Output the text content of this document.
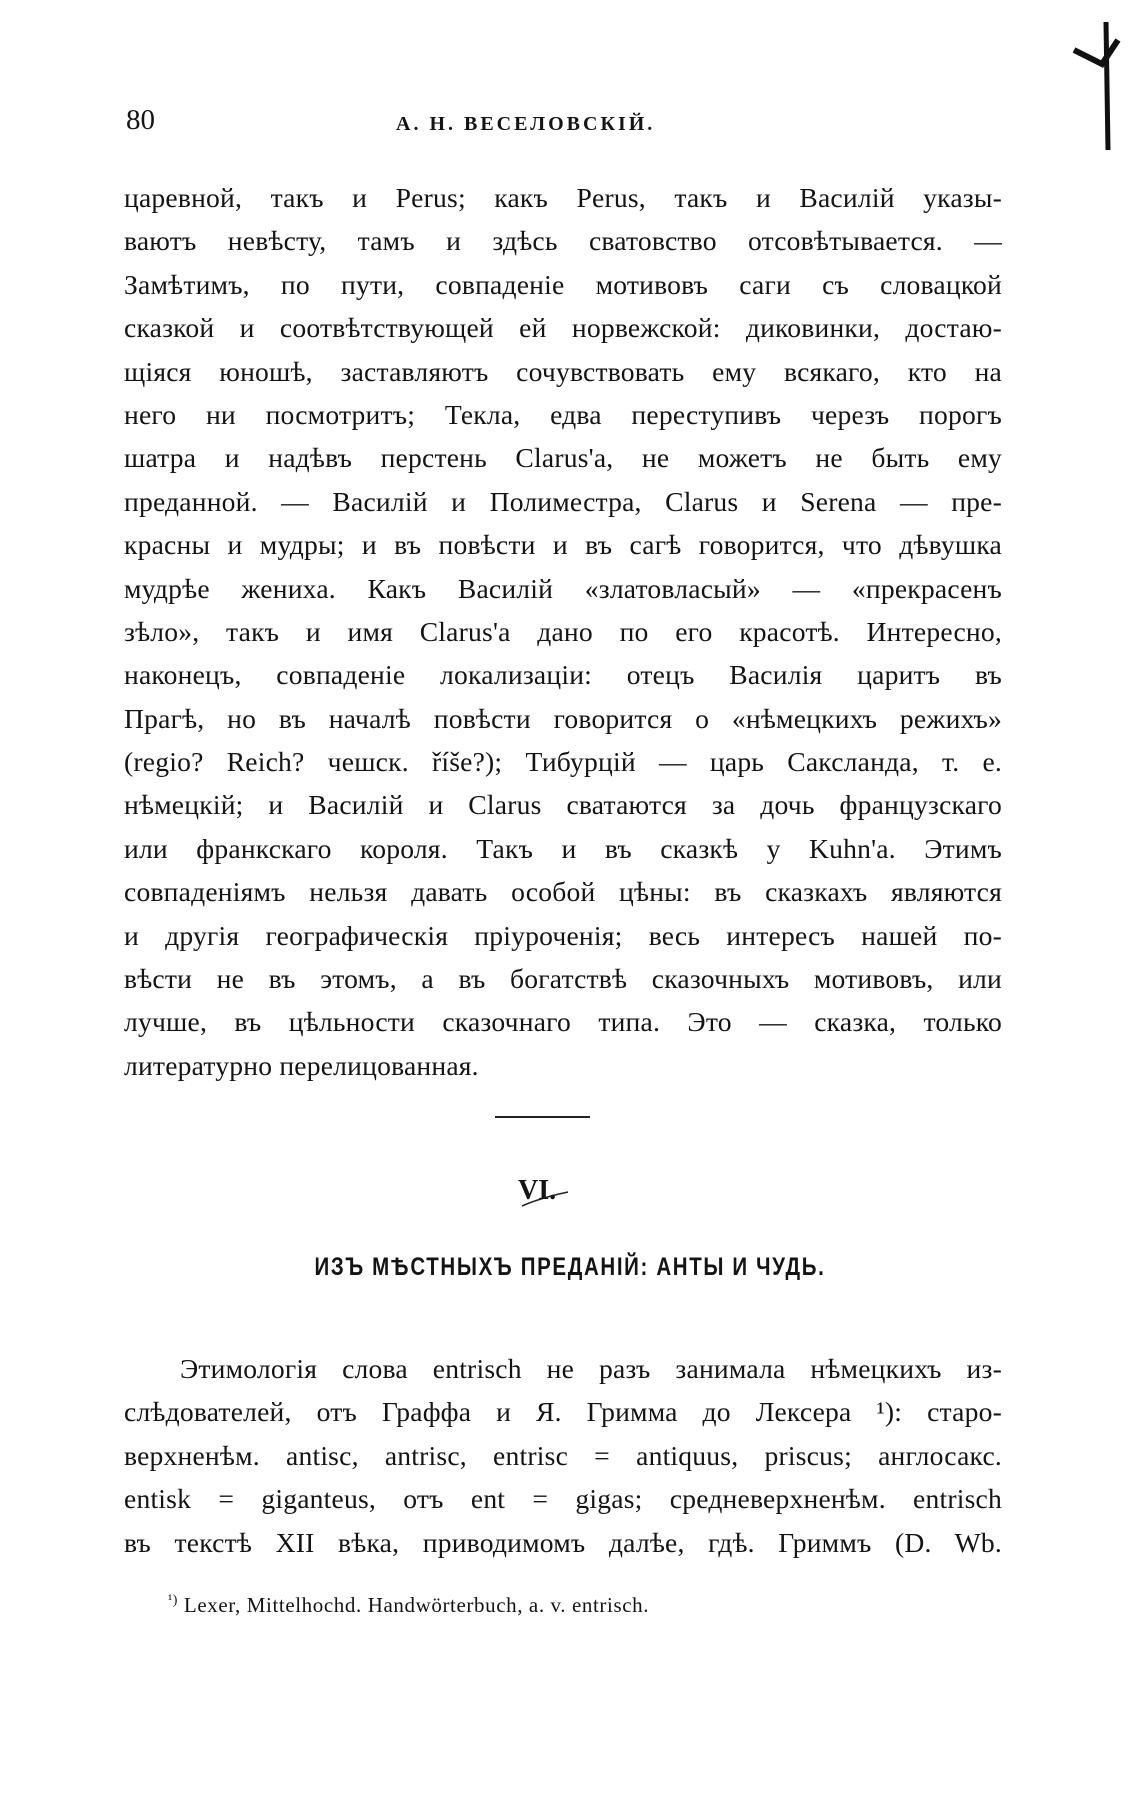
80	А. Н. ВЕСЕЛОВСКІЙ.
царевной, такъ и Perus; какъ Perus, такъ и Василій указы-
ваютъ невѣсту, тамъ и здѣсь сватовство отсовѣтывается. —
Замѣтимъ, по пути, совпаденіе мотивовъ саги съ словацкой
сказкой и соотвѣтствующей ей норвежской: диковинки, достаю-
щіяся юношѣ, заставляютъ сочувствовать ему всякаго, кто на
него ни посмотритъ; Текла, едва переступивъ черезъ порогъ
шатра и надѣвъ перстень Clarus'a, не можетъ не быть ему
преданной. — Василій и Полиместра, Clarus и Serena — пре-
красны и мудры; и въ повѣсти и въ сагѣ говорится, что дѣвушка
мудрѣе жениха. Какъ Василій «златовласый» — «прекрасенъ
зѣло», такъ и имя Clarus'а дано по его красотѣ. Интересно,
наконецъ, совпаденіе локализаціи: отецъ Василія царитъ въ
Прагѣ, но въ началѣ повѣсти говорится о «нѣмецкихъ режихъ»
(regio? Reich? чешск. říše?); Тибурцій — царь Саксланда, т. е.
нѣмецкій; и Василій и Clarus сватаются за дочь французскаго
или франкскаго короля. Такъ и въ сказкѣ у Kuhn'а. Этимъ
совпаденіямъ нельзя давать особой цѣны: въ сказкахъ являются
и другія географическія пріуроченія; весь интересъ нашей по-
вѣсти не въ этомъ, а въ богатствѣ сказочныхъ мотивовъ, или
лучше, въ цѣльности сказочнаго типа. Это — сказка, только
литературно перелицованная.
VI.
ИЗЪ МѢСТНЫХЪ ПРЕДАНІЙ: АНТЫ И ЧУДЬ.
Этимологія слова entrisch не разъ занимала нѣмецкихъ из-
слѣдователей, отъ Граффа и Я. Гримма до Лексера ¹): старо-
верхненѣм. antisc, antrisc, entrisc = antiquus, priscus; англосакс.
entisk = giganteus, отъ ent = gigas; средневерхненѣм. entrisch
въ текстѣ XII вѣка, приводимомъ далѣе, гдѣ. Гриммъ (D. Wb.
$^{^1)}$ Lexer, Mittelhochd. Handwörterbuch, a. v. entrisch.
